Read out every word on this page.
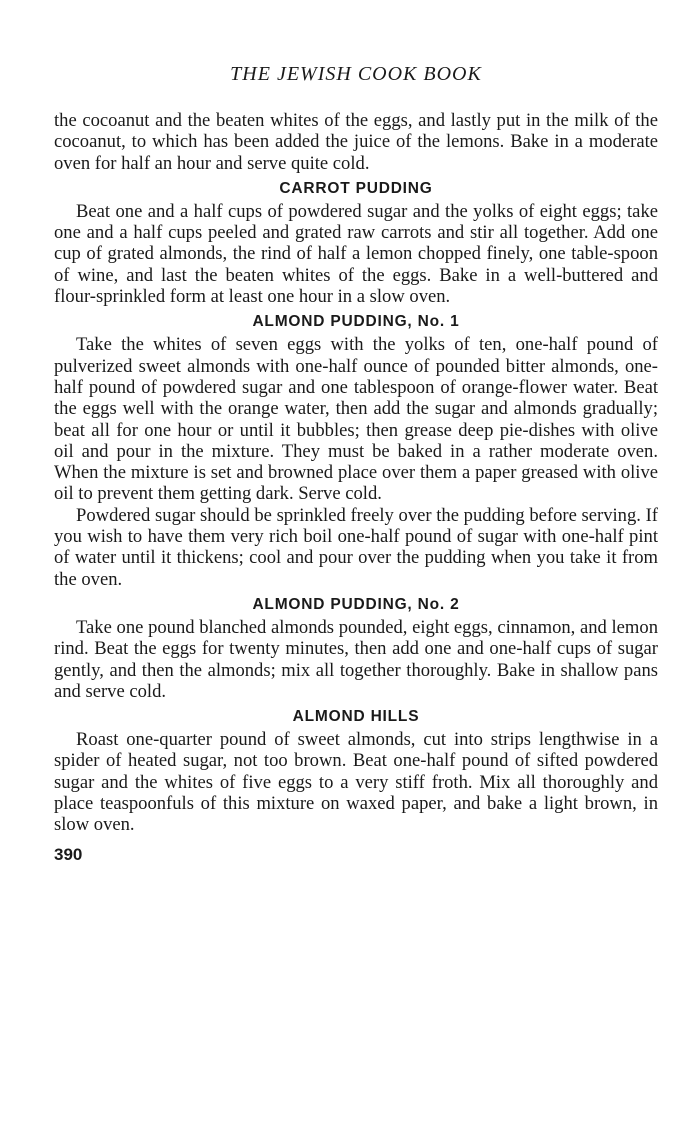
THE JEWISH COOK BOOK

the cocoanut and the beaten whites of the eggs, and lastly put in the milk of the cocoanut, to which has been added the juice of the lemons. Bake in a moderate oven for half an hour and serve quite cold.

CARROT PUDDING

Beat one and a half cups of powdered sugar and the yolks of eight eggs; take one and a half cups peeled and grated raw carrots and stir all together. Add one cup of grated almonds, the rind of half a lemon chopped finely, one table-spoon of wine, and last the beaten whites of the eggs. Bake in a well-buttered and flour-sprinkled form at least one hour in a slow oven.

ALMOND PUDDING, No. 1

Take the whites of seven eggs with the yolks of ten, one-half pound of pulverized sweet almonds with one-half ounce of pounded bitter almonds, one-half pound of powdered sugar and one tablespoon of orange-flower water. Beat the eggs well with the orange water, then add the sugar and almonds gradually; beat all for one hour or until it bubbles; then grease deep pie-dishes with olive oil and pour in the mixture. They must be baked in a rather moderate oven. When the mixture is set and browned place over them a paper greased with olive oil to prevent them getting dark. Serve cold.

Powdered sugar should be sprinkled freely over the pudding before serving. If you wish to have them very rich boil one-half pound of sugar with one-half pint of water until it thickens; cool and pour over the pudding when you take it from the oven.

ALMOND PUDDING, No. 2

Take one pound blanched almonds pounded, eight eggs, cinnamon, and lemon rind. Beat the eggs for twenty minutes, then add one and one-half cups of sugar gently, and then the almonds; mix all together thoroughly. Bake in shallow pans and serve cold.

ALMOND HILLS

Roast one-quarter pound of sweet almonds, cut into strips lengthwise in a spider of heated sugar, not too brown. Beat one-half pound of sifted powdered sugar and the whites of five eggs to a very stiff froth. Mix all thoroughly and place teaspoonfuls of this mixture on waxed paper, and bake a light brown, in slow oven.

390
